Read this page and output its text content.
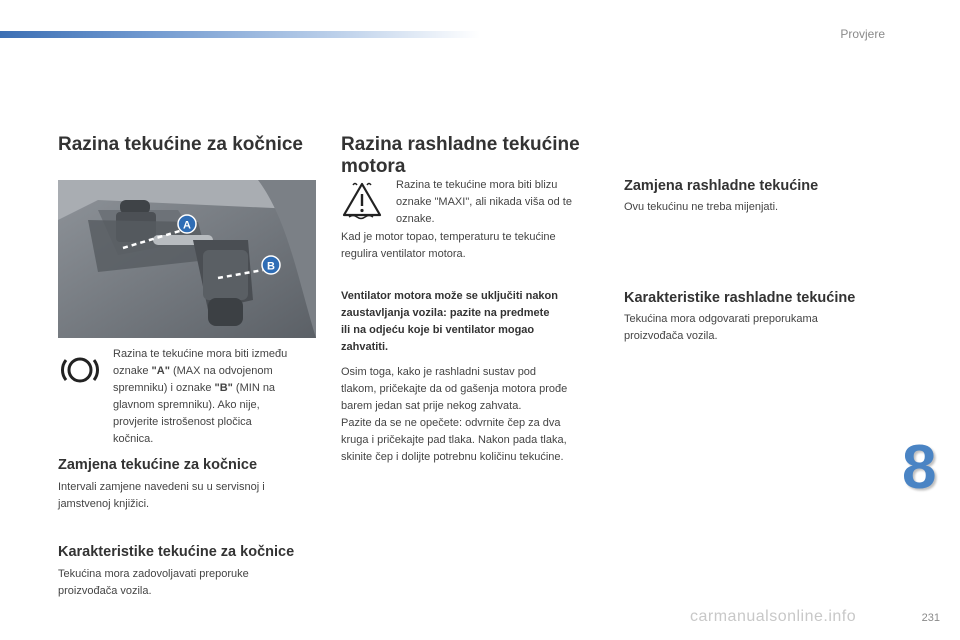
Provjere
Razina tekućine za kočnice
A
B
Razina te tekućine mora biti između
oznake "A" (MAX na odvojenom
spremniku) i oznake "B" (MIN na
glavnom spremniku). Ako nije,
provjerite istrošenost pločica
kočnica.
Zamjena tekućine za kočnice
Intervali zamjene navedeni su u servisnoj i
jamstvenoj knjižici.
Karakteristike tekućine za kočnice
Tekućina mora zadovoljavati preporuke
proizvođača vozila.
Razina rashladne tekućine
motora
Razina te tekućine mora biti blizu
oznake "MAXI", ali nikada viša od te
oznake.
Kad je motor topao, temperaturu te tekućine
regulira ventilator motora.
Ventilator motora može se uključiti nakon
zaustavljanja vozila: pazite na predmete
ili na odjeću koje bi ventilator mogao
zahvatiti.
Osim toga, kako je rashladni sustav pod
tlakom, pričekajte da od gašenja motora prođe
barem jedan sat prije nekog zahvata.
Pazite da se ne opečete: odvrnite čep za dva
kruga i pričekajte pad tlaka. Nakon pada tlaka,
skinite čep i dolijte potrebnu količinu tekućine.
Zamjena rashladne tekućine
Ovu tekućinu ne treba mijenjati.
Karakteristike rashladne tekućine
Tekućina mora odgovarati preporukama
proizvođača vozila.
8
carmanualsonline.info	231
